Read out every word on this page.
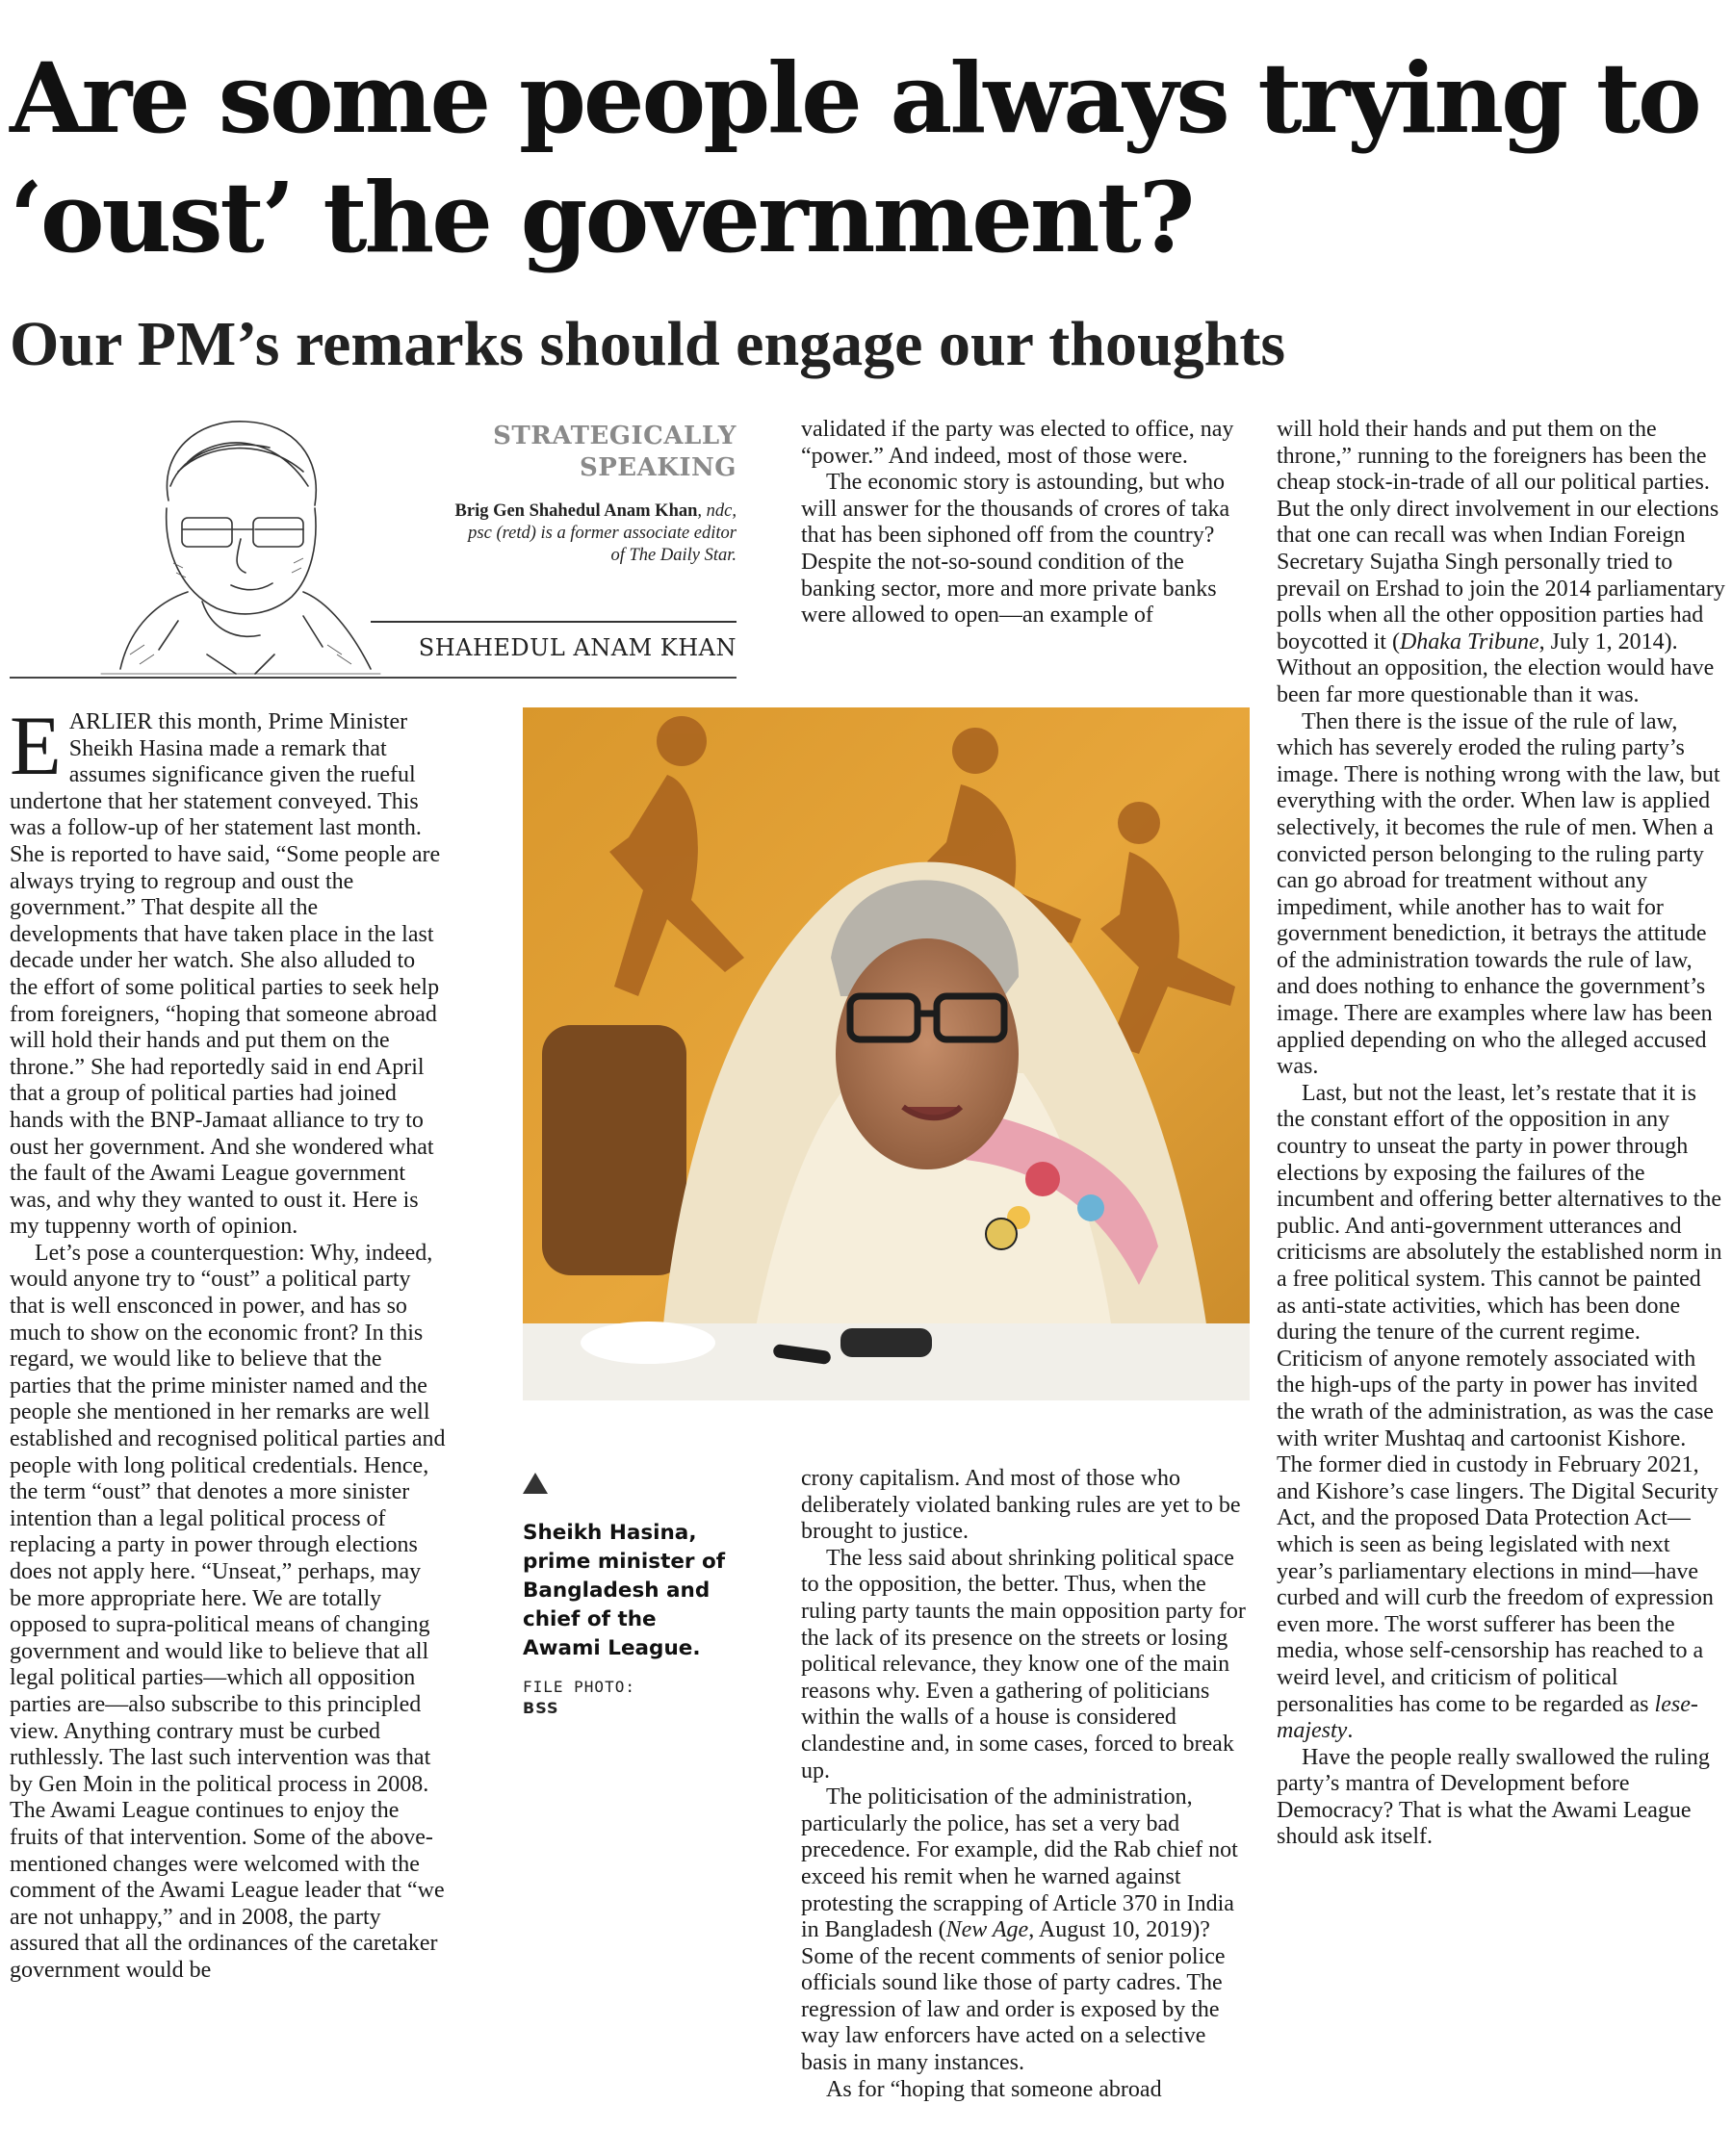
Are some people always trying to ‘oust’ the government?
Our PM’s remarks should engage our thoughts
STRATEGICALLY SPEAKING
Brig Gen Shahedul Anam Khan, ndc, psc (retd) is a former associate editor of The Daily Star.
SHAHEDUL ANAM KHAN

EARLIER this month, Prime Minister Sheikh Hasina made a remark that assumes significance given the rueful undertone that her statement conveyed. This was a follow-up of her statement last month. She is reported to have said, “Some people are always trying to regroup and oust the government.” That despite all the developments that have taken place in the last decade under her watch. She also alluded to the effort of some political parties to seek help from foreigners, “hoping that someone abroad will hold their hands and put them on the throne.” She had reportedly said in end April that a group of political parties had joined hands with the BNP-Jamaat alliance to try to oust her government. And she wondered what the fault of the Awami League government was, and why they wanted to oust it. Here is my tuppenny worth of opinion.

Let’s pose a counterquestion: Why, indeed, would anyone try to “oust” a political party that is well ensconced in power, and has so much to show on the economic front? In this regard, we would like to believe that the parties that the prime minister named and the people she mentioned in her remarks are well established and recognised political parties and people with long political credentials. Hence, the term “oust” that denotes a more sinister intention than a legal political process of replacing a party in power through elections does not apply here. “Unseat,” perhaps, may be more appropriate here. We are totally opposed to supra-political means of changing government and would like to believe that all legal political parties—which all opposition parties are—also subscribe to this principled view. Anything contrary must be curbed ruthlessly. The last such intervention was that by Gen Moin in the political process in 2008. The Awami League continues to enjoy the fruits of that intervention. Some of the above-mentioned changes were welcomed with the comment of the Awami League leader that “we are not unhappy,” and in 2008, the party assured that all the ordinances of the caretaker government would be

validated if the party was elected to office, nay “power.” And indeed, most of those were.

The economic story is astounding, but who will answer for the thousands of crores of taka that has been siphoned off from the country? Despite the not-so-sound condition of the banking sector, more and more private banks were allowed to open—an example of

Sheikh Hasina, prime minister of Bangladesh and chief of the Awami League.
FILE PHOTO:
BSS

crony capitalism. And most of those who deliberately violated banking rules are yet to be brought to justice.

The less said about shrinking political space to the opposition, the better. Thus, when the ruling party taunts the main opposition party for the lack of its presence on the streets or losing political relevance, they know one of the main reasons why. Even a gathering of politicians within the walls of a house is considered clandestine and, in some cases, forced to break up.

The politicisation of the administration, particularly the police, has set a very bad precedence. For example, did the Rab chief not exceed his remit when he warned against protesting the scrapping of Article 370 in India in Bangladesh (New Age, August 10, 2019)? Some of the recent comments of senior police officials sound like those of party cadres. The regression of law and order is exposed by the way law enforcers have acted on a selective basis in many instances.

As for “hoping that someone abroad

will hold their hands and put them on the throne,” running to the foreigners has been the cheap stock-in-trade of all our political parties. But the only direct involvement in our elections that one can recall was when Indian Foreign Secretary Sujatha Singh personally tried to prevail on Ershad to join the 2014 parliamentary polls when all the other opposition parties had boycotted it (Dhaka Tribune, July 1, 2014). Without an opposition, the election would have been far more questionable than it was.

Then there is the issue of the rule of law, which has severely eroded the ruling party’s image. There is nothing wrong with the law, but everything with the order. When law is applied selectively, it becomes the rule of men. When a convicted person belonging to the ruling party can go abroad for treatment without any impediment, while another has to wait for government benediction, it betrays the attitude of the administration towards the rule of law, and does nothing to enhance the government’s image. There are examples where law has been applied depending on who the alleged accused was.

Last, but not the least, let’s restate that it is the constant effort of the opposition in any country to unseat the party in power through elections by exposing the failures of the incumbent and offering better alternatives to the public. And anti-government utterances and criticisms are absolutely the established norm in a free political system. This cannot be painted as anti-state activities, which has been done during the tenure of the current regime. Criticism of anyone remotely associated with the high-ups of the party in power has invited the wrath of the administration, as was the case with writer Mushtaq and cartoonist Kishore. The former died in custody in February 2021, and Kishore’s case lingers. The Digital Security Act, and the proposed Data Protection Act—which is seen as being legislated with next year’s parliamentary elections in mind—have curbed and will curb the freedom of expression even more. The worst sufferer has been the media, whose self-censorship has reached to a weird level, and criticism of political personalities has come to be regarded as lese-majesty.

Have the people really swallowed the ruling party’s mantra of Development before Democracy? That is what the Awami League should ask itself.
